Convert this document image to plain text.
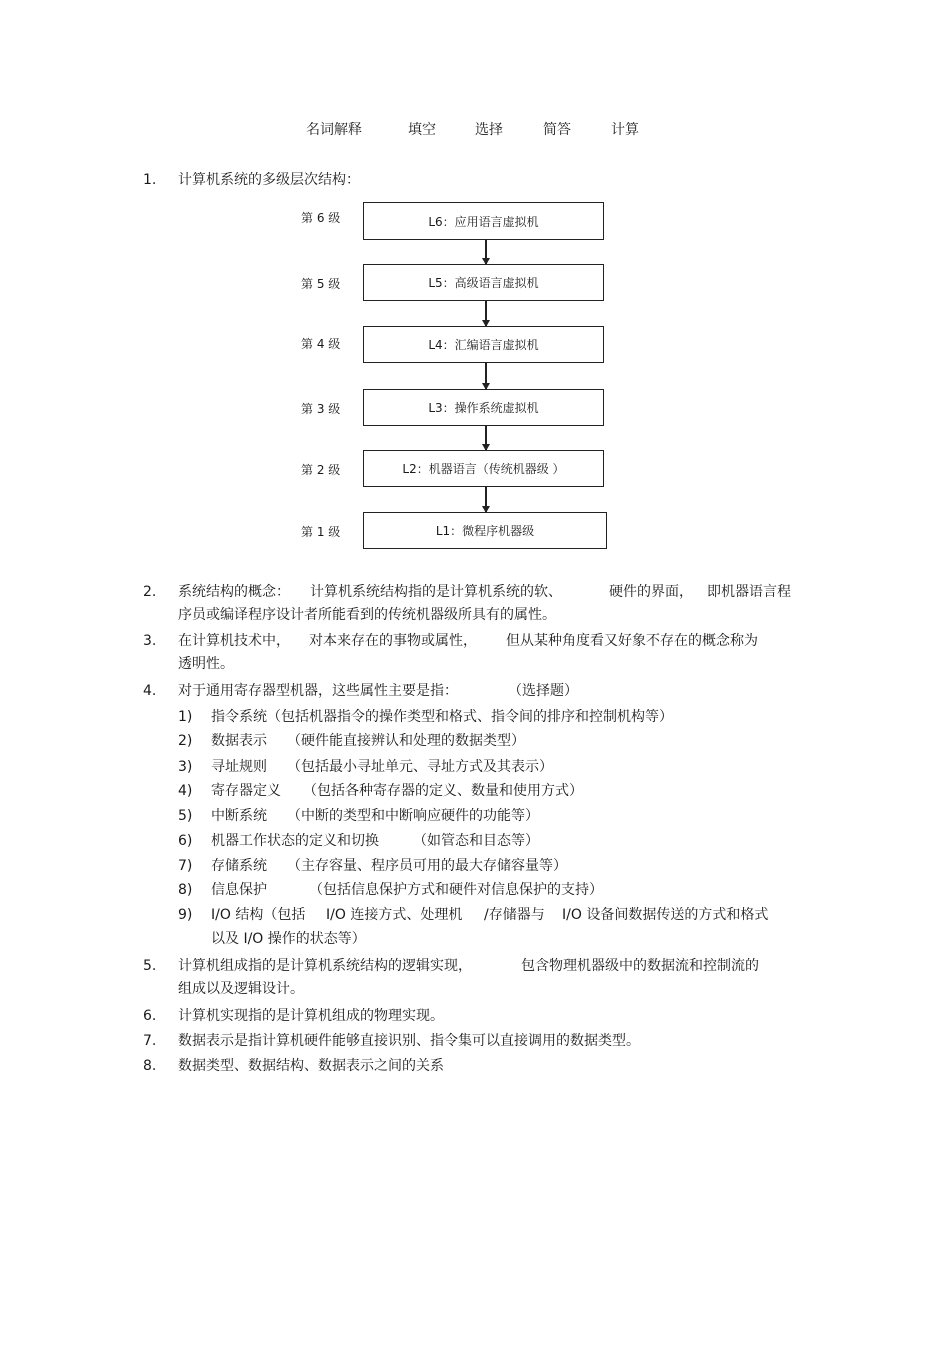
名词解释	填空	选择	简答	计算
1. 计算机系统的多级层次结构：
第 6 级	L6：应用语言虚拟机
第 5 级	L5：高级语言虚拟机
第 4 级	L4：汇编语言虚拟机
第 3 级	L3：操作系统虚拟机
第 2 级	L2：机器语言（传统机器级 ）
第 1 级	L1：微程序机器级
2. 系统结构的概念： 计算机系统结构指的是计算机系统的软、	硬件的界面， 即机器语言程
序员或编译程序设计者所能看到的传统机器级所具有的属性。
3. 在计算机技术中， 对本来存在的事物或属性， 但从某种角度看又好象不存在的概念称为
透明性。
4. 对于通用寄存器型机器，这些属性主要是指：	（选择题）
1) 指令系统（包括机器指令的操作类型和格式、指令间的排序和控制机构等）
2) 数据表示 （硬件能直接辨认和处理的数据类型）
3) 寻址规则 （包括最小寻址单元、寻址方式及其表示）
4) 寄存器定义 （包括各种寄存器的定义、数量和使用方式）
5) 中断系统 （中断的类型和中断响应硬件的功能等）
6) 机器工作状态的定义和切换 （如管态和目态等）
7) 存储系统 （主存容量、程序员可用的最大存储容量等）
8) 信息保护	（包括信息保护方式和硬件对信息保护的支持）
9) I/O 结构（包括 I/O 连接方式、处理机 /存储器与 I/O 设备间数据传送的方式和格式
以及 I/O 操作的状态等）
5. 计算机组成指的是计算机系统结构的逻辑实现，	包含物理机器级中的数据流和控制流的
组成以及逻辑设计。
6. 计算机实现指的是计算机组成的物理实现。
7. 数据表示是指计算机硬件能够直接识别、指令集可以直接调用的数据类型。
8. 数据类型、数据结构、数据表示之间的关系
